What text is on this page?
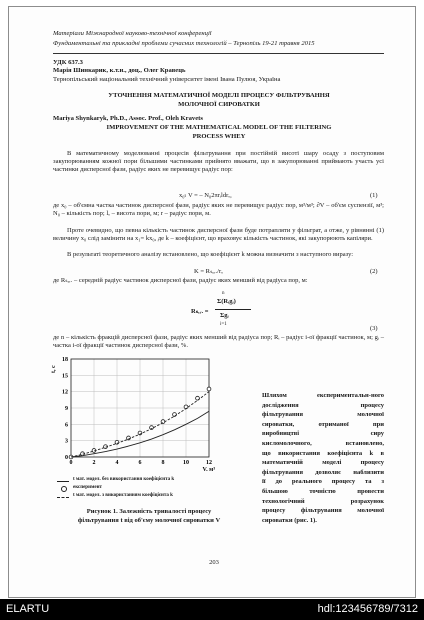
Матеріали Міжнародної науково-технічної конференції
Фундаментальні та прикладні проблеми сучасних технологій – Тернопіль 19-21 травня 2015
УДК 637.3
Марія Шинкарик, к.т.н., доц., Олег Кравець
Тернопільський національний технічний університет імені Івана Пулюя, Україна
УТОЧНЕННЯ МАТЕМАТИЧНОЇ МОДЕЛІ ПРОЦЕСУ ФІЛЬТРУВАННЯ
МОЛОЧНОЇ СИРОВАТКИ
Mariya Shynkaryk, Ph.D., Assoc. Prof., Oleh Kravets
IMPROVEMENT OF THE MATHEMATICAL MODEL OF THE FILTERING
PROCESS WHEY
В математичному моделюванні процесів фільтрування при постійній висоті шару осаду з поступовим закупорюванням кожної пори більшими частинками прийнято вважати, що в закупорюванні приймають участь усі частинки дисперсної фази, радіус яких не перевищує радіус пор:
x₀ₜ V = – N₀2πrᵢldrₒ,	(1)
де x₀ – об'ємна частка частинок дисперсної фази, радіус яких не перевищує радіус пор, м³/м³; ∂V – об'єм суспензії, м³; N₀ – кількість пор; lₒ – висота пори, м; r – радіус пори, м.
Проте очевидно, що певна кількість частинок дисперсної фази буде потрапляти у фільтрат, а отже, у рівнянні (1) величину x₀ слід замінити на x₁= kx₀, де k – коефіцієнт, що враховує кількість частинок, які закупорюють капіляри.
В результаті теоретичного аналізу встановлено, що коефіцієнт k можна визначити з наступного виразу:
K = Rₛₑᵣ./rₒ	(2)
де Rₛₑᵣ. – середній радіус частинок дисперсної фази, радіус яких менший від радіуса пор, м:
Rₛₑᵣ. =
n
Σ(Rᵢgᵢ)
Σgᵢ
i=1
(3)
де n – кількість фракцій дисперсної фази, радіус яких менший від радіуса пор; Rᵢ – радіус і-ої фракції частинок, м; gᵢ – частка і-ої фракції частинок дисперсної фази, %.
0	2	4	6	8	10	12
0
3
6
9
12
15
18
t, с
V, м³
t мат. модел. без використання коефіцієнта k
експеримент
t мат. модел. з використанням коефіцієнта k
Рисунок 1. Залежність тривалості процесу
фільтрування t від об'єму молочної сироватки V
Шляхом експериментальн-ного
дослідження процесу
фільтрування молочної
сироватки, отриманої при
виробництві сиру
кисломолочного, встановлено,
що використання коефіцієнта k в
математичній моделі процесу
фільтрування дозволяє наблизити
її до реального процесу та з
більшою точністю провести
технологічний розрахунок
процесу фільтрування молочної
сироватки (рис. 1).
203
ELARTU	hdl:123456789/7312
